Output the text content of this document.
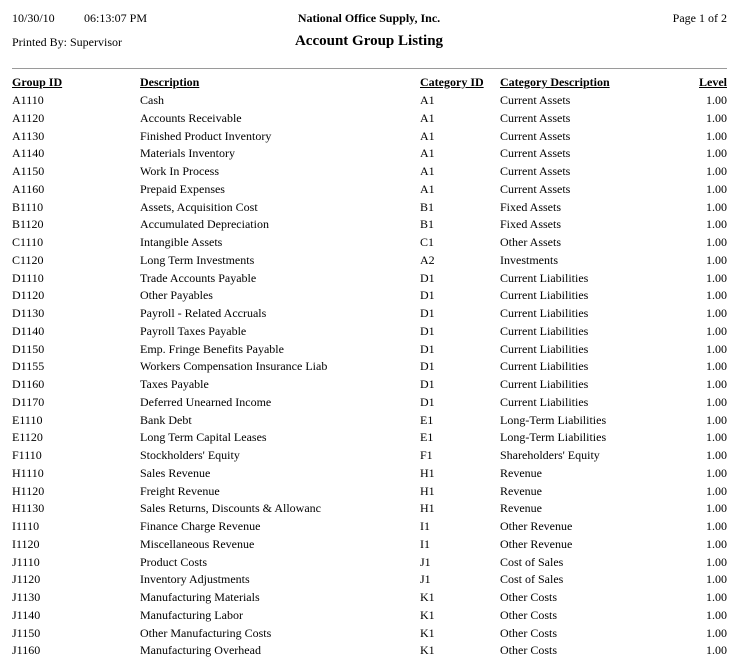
10/30/10 06:13:07 PM	National Office Supply, Inc.	Page 1 of 2
Printed By: Supervisor	Account Group Listing
Group ID	Description	Category ID	Category Description	Level
A1110	Cash	A1	Current Assets	1.00
A1120	Accounts Receivable	A1	Current Assets	1.00
A1130	Finished Product Inventory	A1	Current Assets	1.00
A1140	Materials Inventory	A1	Current Assets	1.00
A1150	Work In Process	A1	Current Assets	1.00
A1160	Prepaid Expenses	A1	Current Assets	1.00
B1110	Assets, Acquisition Cost	B1	Fixed Assets	1.00
B1120	Accumulated Depreciation	B1	Fixed Assets	1.00
C1110	Intangible Assets	C1	Other Assets	1.00
C1120	Long Term Investments	A2	Investments	1.00
D1110	Trade Accounts Payable	D1	Current Liabilities	1.00
D1120	Other Payables	D1	Current Liabilities	1.00
D1130	Payroll - Related Accruals	D1	Current Liabilities	1.00
D1140	Payroll Taxes Payable	D1	Current Liabilities	1.00
D1150	Emp. Fringe Benefits Payable	D1	Current Liabilities	1.00
D1155	Workers Compensation Insurance Liab	D1	Current Liabilities	1.00
D1160	Taxes Payable	D1	Current Liabilities	1.00
D1170	Deferred Unearned Income	D1	Current Liabilities	1.00
E1110	Bank Debt	E1	Long-Term Liabilities	1.00
E1120	Long Term Capital Leases	E1	Long-Term Liabilities	1.00
F1110	Stockholders' Equity	F1	Shareholders' Equity	1.00
H1110	Sales Revenue	H1	Revenue	1.00
H1120	Freight Revenue	H1	Revenue	1.00
H1130	Sales Returns, Discounts & Allowanc	H1	Revenue	1.00
I1110	Finance Charge Revenue	I1	Other Revenue	1.00
I1120	Miscellaneous Revenue	I1	Other Revenue	1.00
J1110	Product Costs	J1	Cost of Sales	1.00
J1120	Inventory Adjustments	J1	Cost of Sales	1.00
J1130	Manufacturing Materials	K1	Other Costs	1.00
J1140	Manufacturing Labor	K1	Other Costs	1.00
J1150	Other Manufacturing Costs	K1	Other Costs	1.00
J1160	Manufacturing Overhead	K1	Other Costs	1.00
